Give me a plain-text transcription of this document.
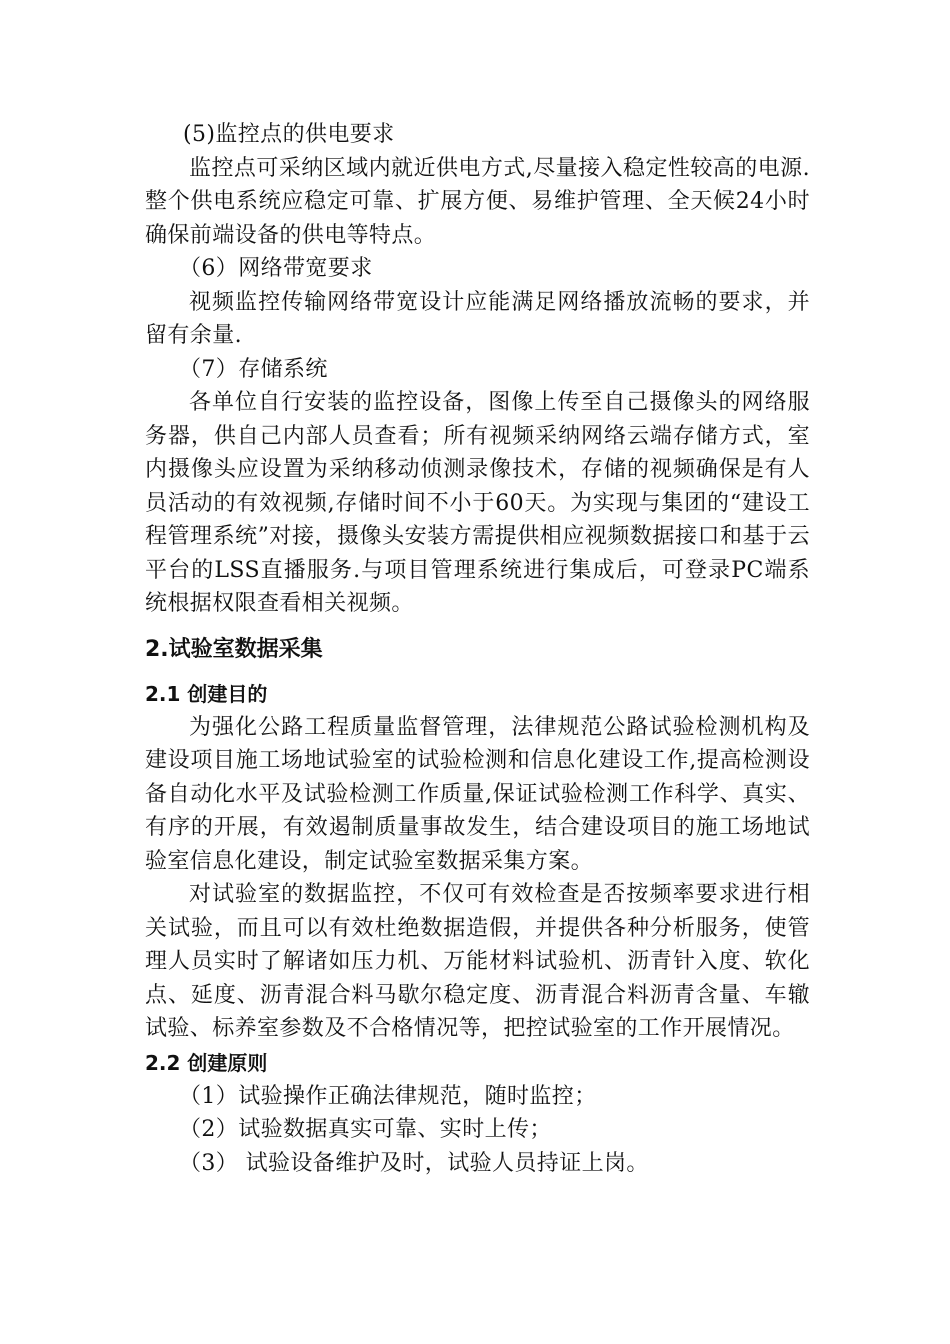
(5)监控点的供电要求

监控点可采纳区域内就近供电方式,尽量接入稳定性较高的电源.整个供电系统应稳定可靠、扩展方便、易维护管理、全天候24小时确保前端设备的供电等特点。

（6）网络带宽要求

视频监控传输网络带宽设计应能满足网络播放流畅的要求，并留有余量.

（7）存储系统

各单位自行安装的监控设备，图像上传至自己摄像头的网络服务器，供自己内部人员查看；所有视频采纳网络云端存储方式，室内摄像头应设置为采纳移动侦测录像技术，存储的视频确保是有人员活动的有效视频,存储时间不小于60天。为实现与集团的“建设工程管理系统”对接，摄像头安装方需提供相应视频数据接口和基于云平台的LSS直播服务.与项目管理系统进行集成后，可登录PC端系统根据权限查看相关视频。

2.试验室数据采集
2.1 创建目的

为强化公路工程质量监督管理，法律规范公路试验检测机构及建设项目施工场地试验室的试验检测和信息化建设工作,提高检测设备自动化水平及试验检测工作质量,保证试验检测工作科学、真实、有序的开展，有效遏制质量事故发生，结合建设项目的施工场地试验室信息化建设，制定试验室数据采集方案。

对试验室的数据监控，不仅可有效检查是否按频率要求进行相关试验，而且可以有效杜绝数据造假，并提供各种分析服务，使管理人员实时了解诸如压力机、万能材料试验机、沥青针入度、软化点、延度、沥青混合料马歇尔稳定度、沥青混合料沥青含量、车辙试验、标养室参数及不合格情况等，把控试验室的工作开展情况。

2.2 创建原则

（1）试验操作正确法律规范，随时监控；

（2）试验数据真实可靠、实时上传；

（3） 试验设备维护及时，试验人员持证上岗。
